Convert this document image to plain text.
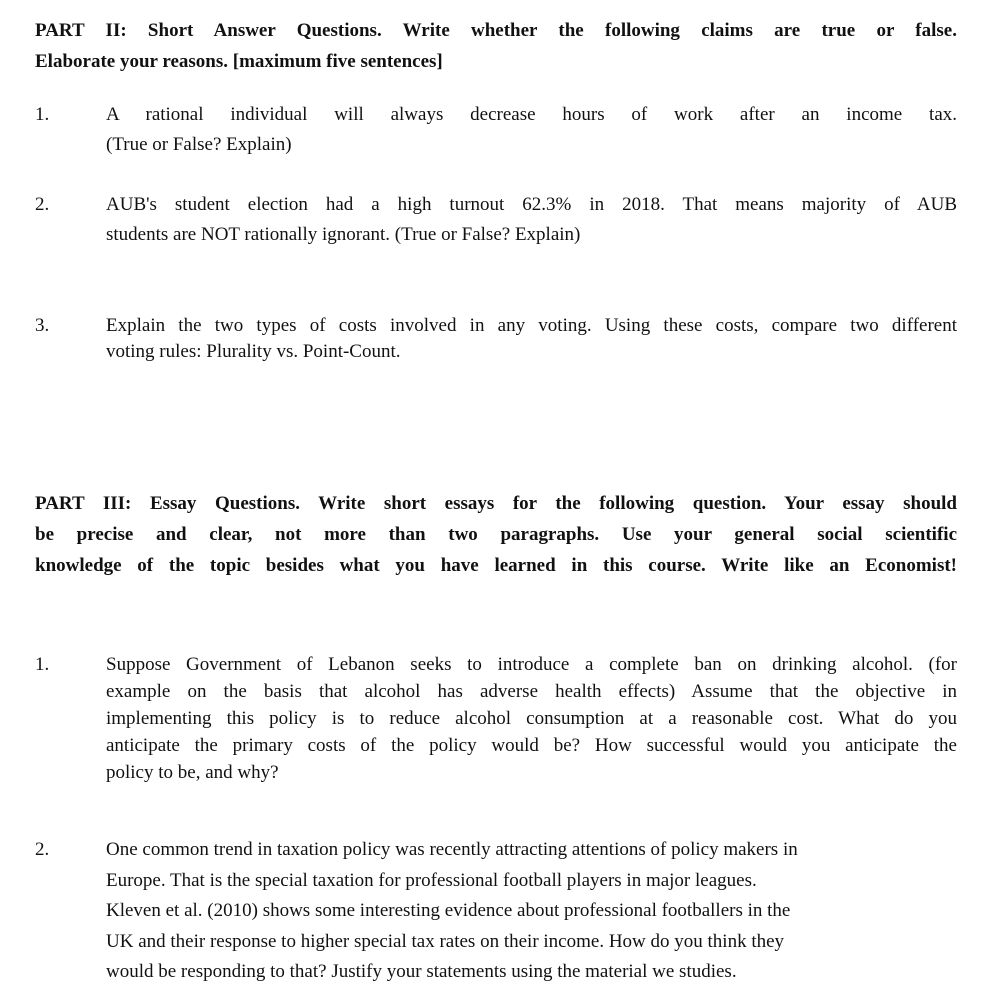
PART II: Short Answer Questions. Write whether the following claims are true or false.
Elaborate your reasons. [maximum five sentences]
1.	A rational individual will always decrease hours of work after an income tax.
(True or False? Explain)
2.	AUB's student election had a high turnout 62.3% in 2018. That means majority of AUB
students are NOT rationally ignorant. (True or False? Explain)
3.	Explain the two types of costs involved in any voting. Using these costs, compare two different
voting rules: Plurality vs. Point-Count.
PART III: Essay Questions. Write short essays for the following question. Your essay should
be precise and clear, not more than two paragraphs. Use your general social scientific
knowledge of the topic besides what you have learned in this course. Write like an Economist!
1.	Suppose Government of Lebanon seeks to introduce a complete ban on drinking alcohol. (for
example on the basis that alcohol has adverse health effects) Assume that the objective in
implementing this policy is to reduce alcohol consumption at a reasonable cost. What do you
anticipate the primary costs of the policy would be? How successful would you anticipate the
policy to be, and why?
2.	One common trend in taxation policy was recently attracting attentions of policy makers in
Europe. That is the special taxation for professional football players in major leagues.
Kleven et al. (2010) shows some interesting evidence about professional footballers in the
UK and their response to higher special tax rates on their income. How do you think they
would be responding to that? Justify your statements using the material we studies.
